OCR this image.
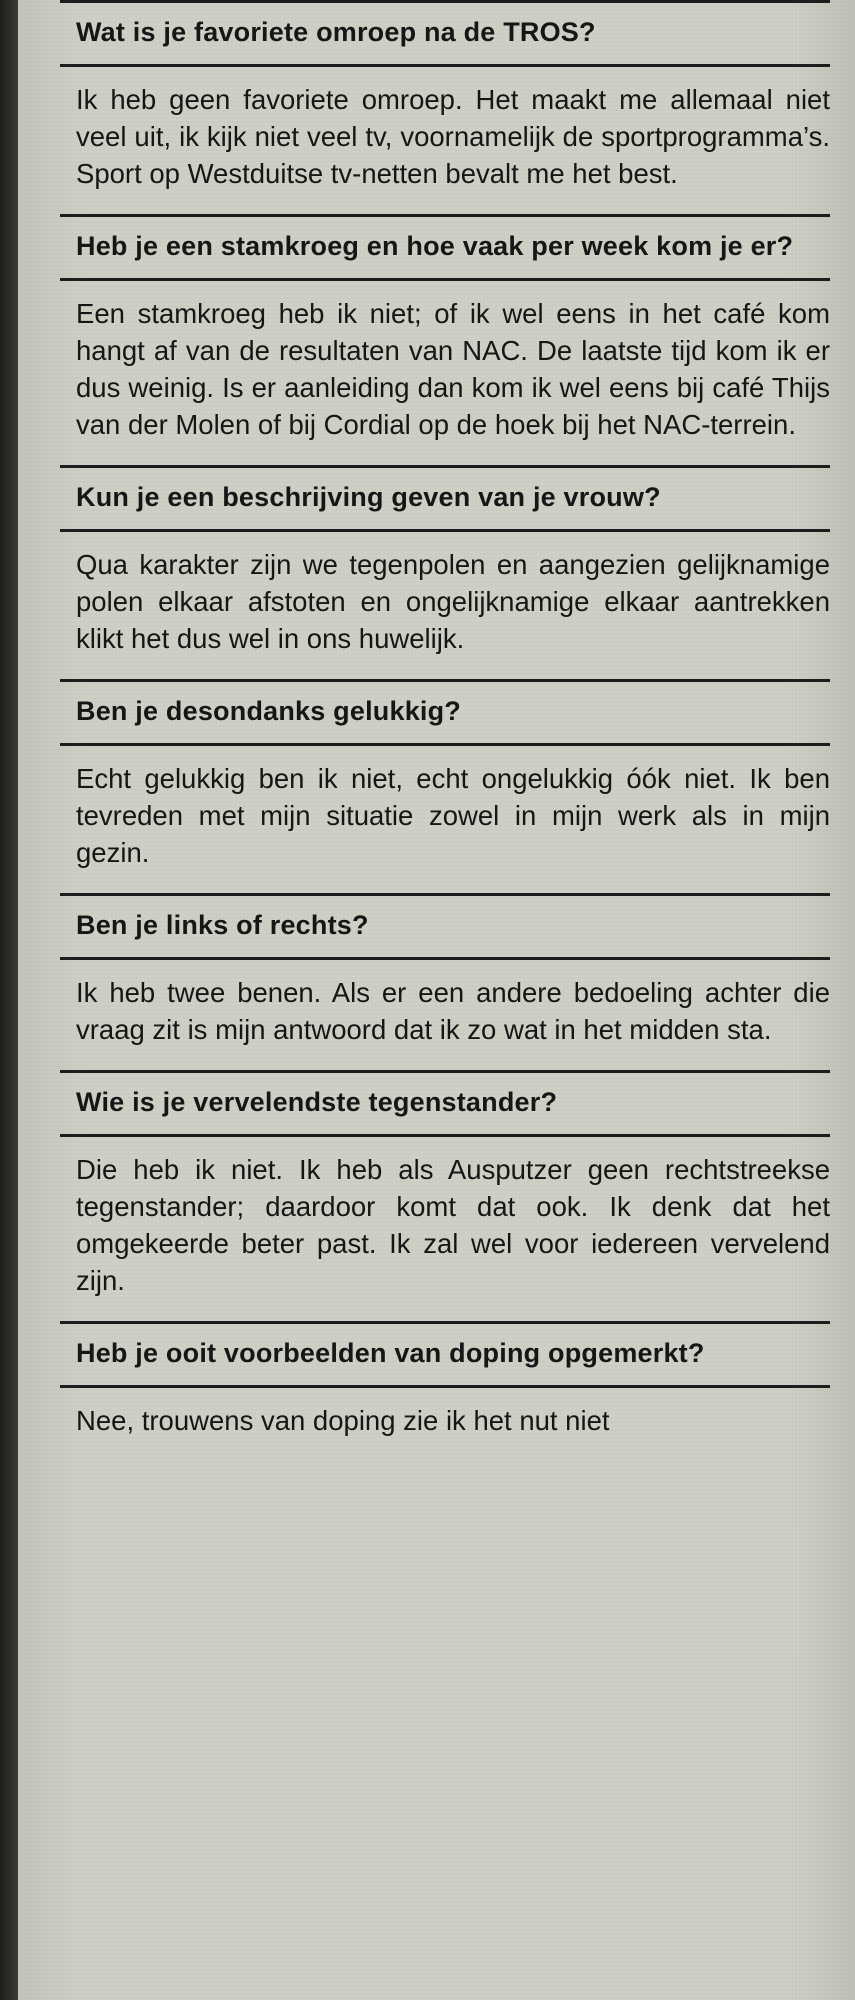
Wat is je favoriete omroep na de TROS?
Ik heb geen favoriete omroep. Het maakt me allemaal niet veel uit, ik kijk niet veel tv, voornamelijk de sportprogramma’s. Sport op Westduitse tv-netten bevalt me het best.
Heb je een stamkroeg en hoe vaak per week kom je er?
Een stamkroeg heb ik niet; of ik wel eens in het café kom hangt af van de resultaten van NAC. De laatste tijd kom ik er dus weinig. Is er aanleiding dan kom ik wel eens bij café Thijs van der Molen of bij Cordial op de hoek bij het NAC-terrein.
Kun je een beschrijving geven van je vrouw?
Qua karakter zijn we tegenpolen en aangezien gelijknamige polen elkaar afstoten en ongelijknamige elkaar aantrekken klikt het dus wel in ons huwelijk.
Ben je desondanks gelukkig?
Echt gelukkig ben ik niet, echt ongelukkig óók niet. Ik ben tevreden met mijn situatie zowel in mijn werk als in mijn gezin.
Ben je links of rechts?
Ik heb twee benen. Als er een andere bedoeling achter die vraag zit is mijn antwoord dat ik zo wat in het midden sta.
Wie is je vervelendste tegenstander?
Die heb ik niet. Ik heb als Ausputzer geen rechtstreekse tegenstander; daardoor komt dat ook. Ik denk dat het omgekeerde beter past. Ik zal wel voor iedereen vervelend zijn.
Heb je ooit voorbeelden van doping opgemerkt?
Nee, trouwens van doping zie ik het nut niet
